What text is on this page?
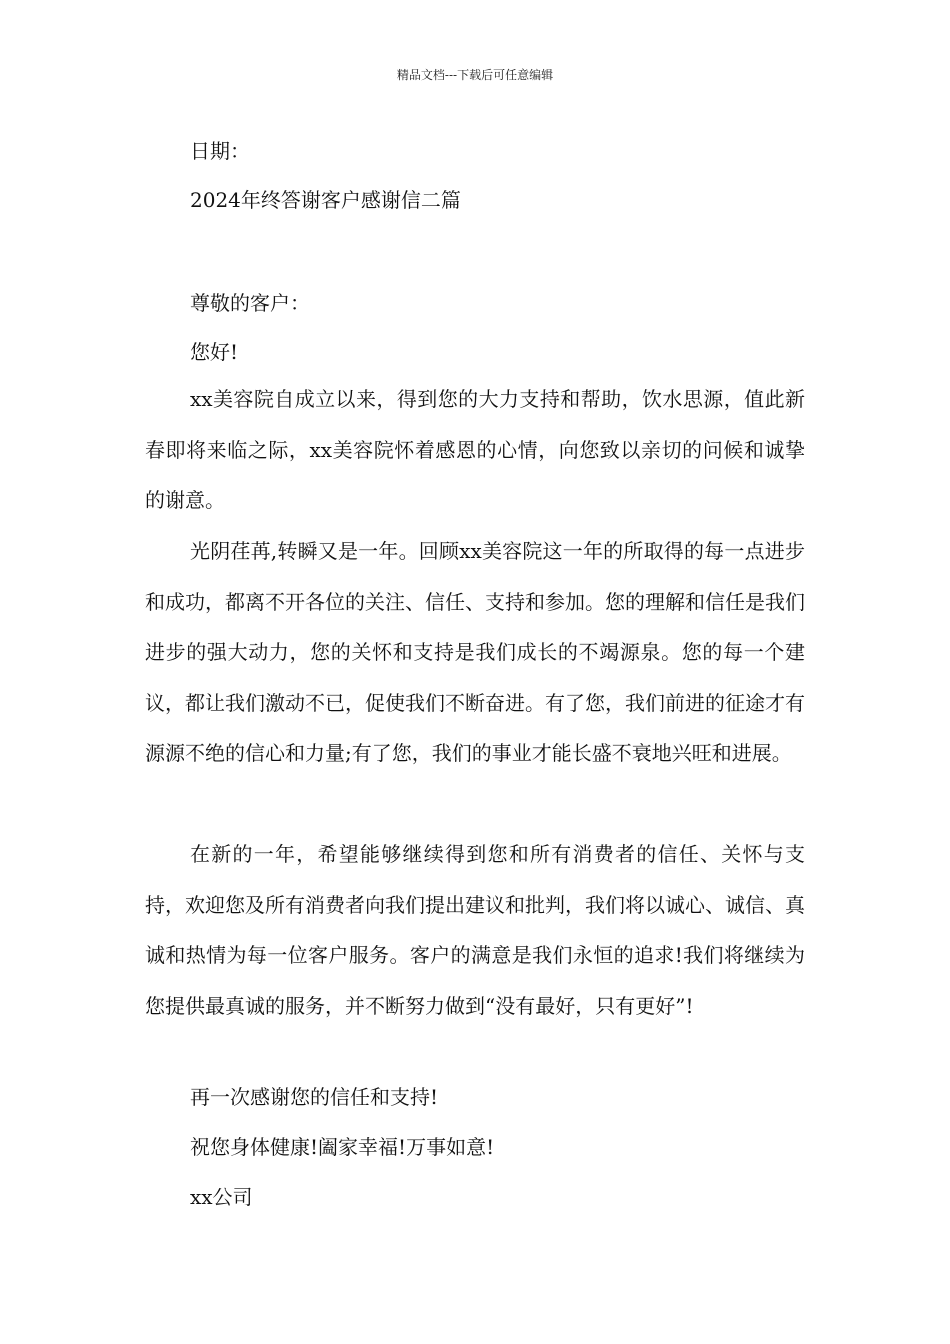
精品文档---下载后可任意编辑
日期：
2024年终答谢客户感谢信二篇
尊敬的客户：
您好!

xx美容院自成立以来，得到您的大力支持和帮助，饮水思源，值此新春即将来临之际，xx美容院怀着感恩的心情，向您致以亲切的问候和诚挚的谢意。

光阴荏苒,转瞬又是一年。回顾xx美容院这一年的所取得的每一点进步和成功，都离不开各位的关注、信任、支持和参加。您的理解和信任是我们进步的强大动力，您的关怀和支持是我们成长的不竭源泉。您的每一个建议，都让我们激动不已，促使我们不断奋进。有了您，我们前进的征途才有源源不绝的信心和力量;有了您，我们的事业才能长盛不衰地兴旺和进展。

在新的一年，希望能够继续得到您和所有消费者的信任、关怀与支持，欢迎您及所有消费者向我们提出建议和批判，我们将以诚心、诚信、真诚和热情为每一位客户服务。客户的满意是我们永恒的追求!我们将继续为您提供最真诚的服务，并不断努力做到“没有最好，只有更好”!

再一次感谢您的信任和支持!
祝您身体健康!阖家幸福!万事如意!
xx公司
